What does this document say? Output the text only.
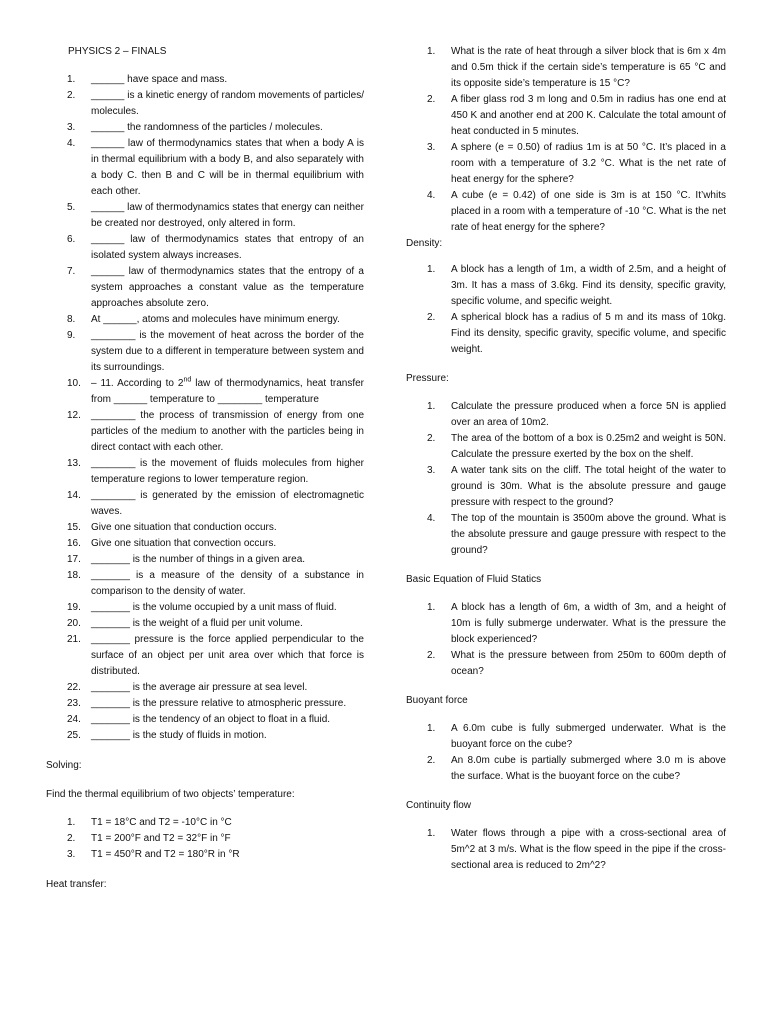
PHYSICS 2 – FINALS
1. ______ have space and mass.
2. ______ is a kinetic energy of random movements of particles/ molecules.
3. ______ the randomness of the particles / molecules.
4. ______ law of thermodynamics states that when a body A is in thermal equilibrium with a body B, and also separately with a body C. then B and C will be in thermal equilibrium with each other.
5. ______ law of thermodynamics states that energy can neither be created nor destroyed, only altered in form.
6. ______ law of thermodynamics states that entropy of an isolated system always increases.
7. ______ law of thermodynamics states that the entropy of a system approaches a constant value as the temperature approaches absolute zero.
8. At ______, atoms and molecules have minimum energy.
9. ________ is the movement of heat across the border of the system due to a different in temperature between system and its surroundings.
10. – 11. According to 2nd law of thermodynamics, heat transfer from ______ temperature to ________ temperature
12. ________ the process of transmission of energy from one particles of the medium to another with the particles being in direct contact with each other.
13. ________ is the movement of fluids molecules from higher temperature regions to lower temperature region.
14. ________ is generated by the emission of electromagnetic waves.
15. Give one situation that conduction occurs.
16. Give one situation that convection occurs.
17. _______ is the number of things in a given area.
18. _______ is a measure of the density of a substance in comparison to the density of water.
19. _______ is the volume occupied by a unit mass of fluid.
20. _______ is the weight of a fluid per unit volume.
21. _______ pressure is the force applied perpendicular to the surface of an object per unit area over which that force is distributed.
22. _______ is the average air pressure at sea level.
23. _______ is the pressure relative to atmospheric pressure.
24. _______ is the tendency of an object to float in a fluid.
25. _______ is the study of fluids in motion.
Solving:
Find the thermal equilibrium of two objects’ temperature:
1. T1 = 18°C and T2 = -10°C in °C
2. T1 = 200°F and T2 = 32°F in °F
3. T1 = 450°R and T2 = 180°R in °R
Heat transfer:
1. What is the rate of heat through a silver block that is 6m x 4m and 0.5m thick if the certain side’s temperature is 65 °C and its opposite side’s temperature is 15 °C?
2. A fiber glass rod 3 m long and 0.5m in radius has one end at 450 K and another end at 200 K. Calculate the total amount of heat conducted in 5 minutes.
3. A sphere (e = 0.50) of radius 1m is at 50 °C. It’s placed in a room with a temperature of 3.2 °C. What is the net rate of heat energy for the sphere?
4. A cube (e = 0.42) of one side is 3m is at 150 °C. It’whits placed in a room with a temperature of -10 °C. What is the net rate of heat energy for the sphere?
Density:
1. A block has a length of 1m, a width of 2.5m, and a height of 3m. It has a mass of 3.6kg. Find its density, specific gravity, specific volume, and specific weight.
2. A spherical block has a radius of 5 m and its mass of 10kg. Find its density, specific gravity, specific volume, and specific weight.
Pressure:
1. Calculate the pressure produced when a force 5N is applied over an area of 10m2.
2. The area of the bottom of a box is 0.25m2 and weight is 50N. Calculate the pressure exerted by the box on the shelf.
3. A water tank sits on the cliff. The total height of the water to ground is 30m. What is the absolute pressure and gauge pressure with respect to the ground?
4. The top of the mountain is 3500m above the ground. What is the absolute pressure and gauge pressure with respect to the ground?
Basic Equation of Fluid Statics
1. A block has a length of 6m, a width of 3m, and a height of 10m is fully submerge underwater. What is the pressure the block experienced?
2. What is the pressure between from 250m to 600m depth of ocean?
Buoyant force
1. A 6.0m cube is fully submerged underwater. What is the buoyant force on the cube?
2. An 8.0m cube is partially submerged where 3.0 m is above the surface. What is the buoyant force on the cube?
Continuity flow
1. Water flows through a pipe with a cross-sectional area of 5m^2 at 3 m/s. What is the flow speed in the pipe if the cross-sectional area is reduced to 2m^2?
